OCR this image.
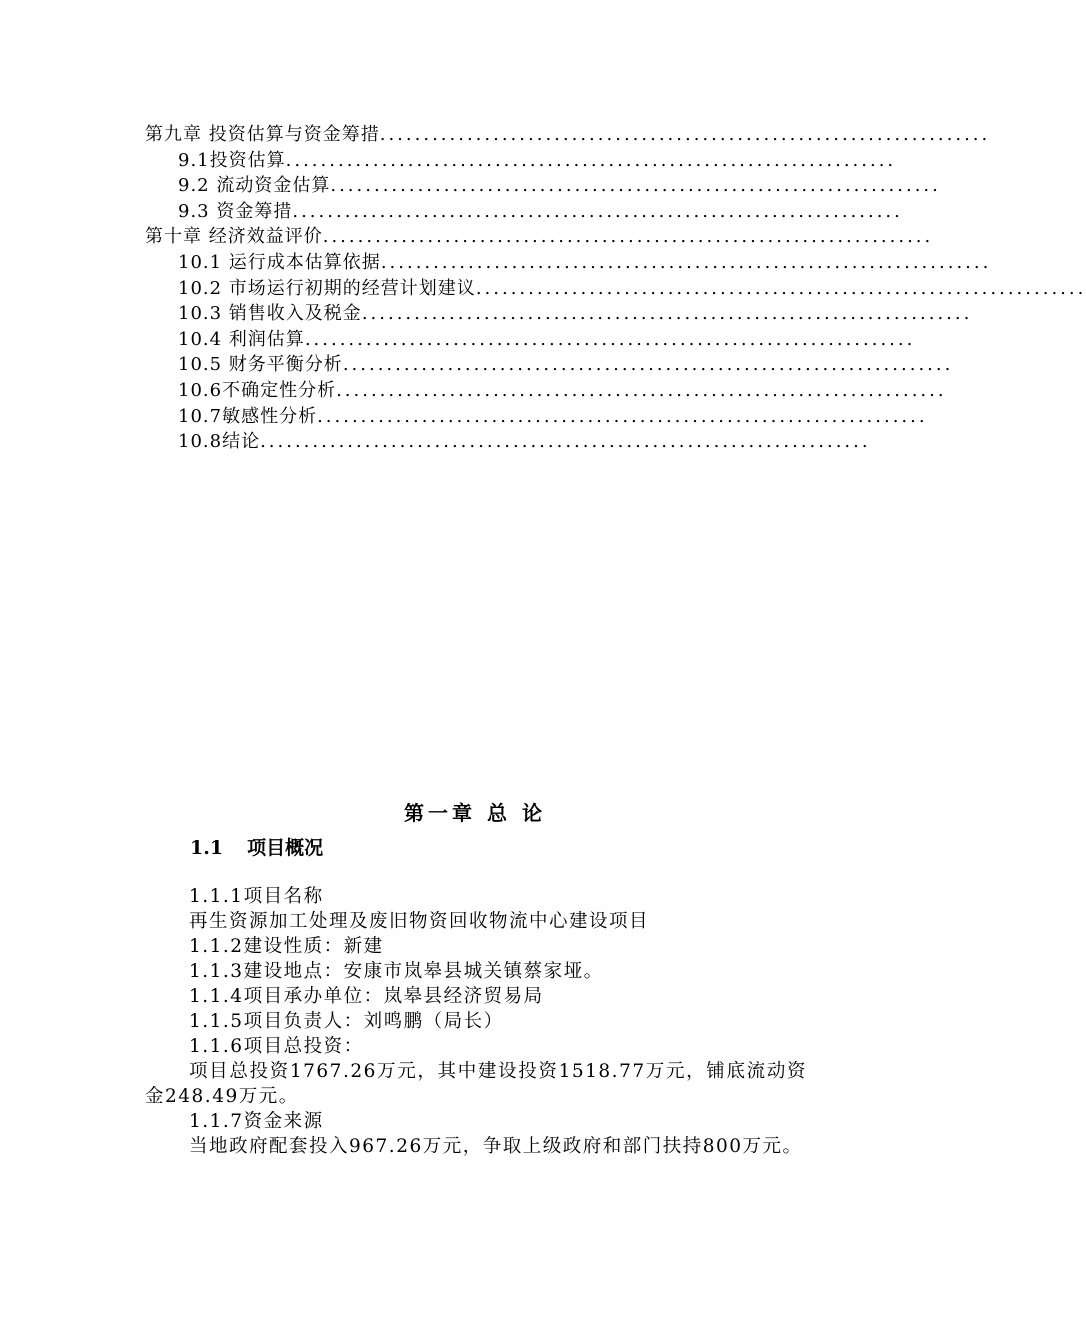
第九章 投资估算与资金筹措 ......................................................................
9.1投资估算 ......................................................................
9.2 流动资金估算 ......................................................................
9.3 资金筹措 ......................................................................
第十章 经济效益评价 ......................................................................
10.1 运行成本估算依据 ......................................................................
10.2 市场运行初期的经营计划建议 ......................................................................
10.3 销售收入及税金 ......................................................................
10.4 利润估算 ......................................................................
10.5 财务平衡分析 ......................................................................
10.6不确定性分析 ......................................................................
10.7敏感性分析 ......................................................................
10.8结论 ......................................................................
第一章 总 论
1.1 项目概况

1.1.1项目名称

再生资源加工处理及废旧物资回收物流中心建设项目

1.1.2建设性质：新建

1.1.3建设地点：安康市岚皋县城关镇蔡家垭。

1.1.4项目承办单位：岚皋县经济贸易局

1.1.5项目负责人：刘鸣鹏（局长）

1.1.6项目总投资：

项目总投资1767.26万元，其中建设投资1518.77万元，铺底流动资金248.49万元。

1.1.7资金来源

当地政府配套投入967.26万元，争取上级政府和部门扶持800万元。
